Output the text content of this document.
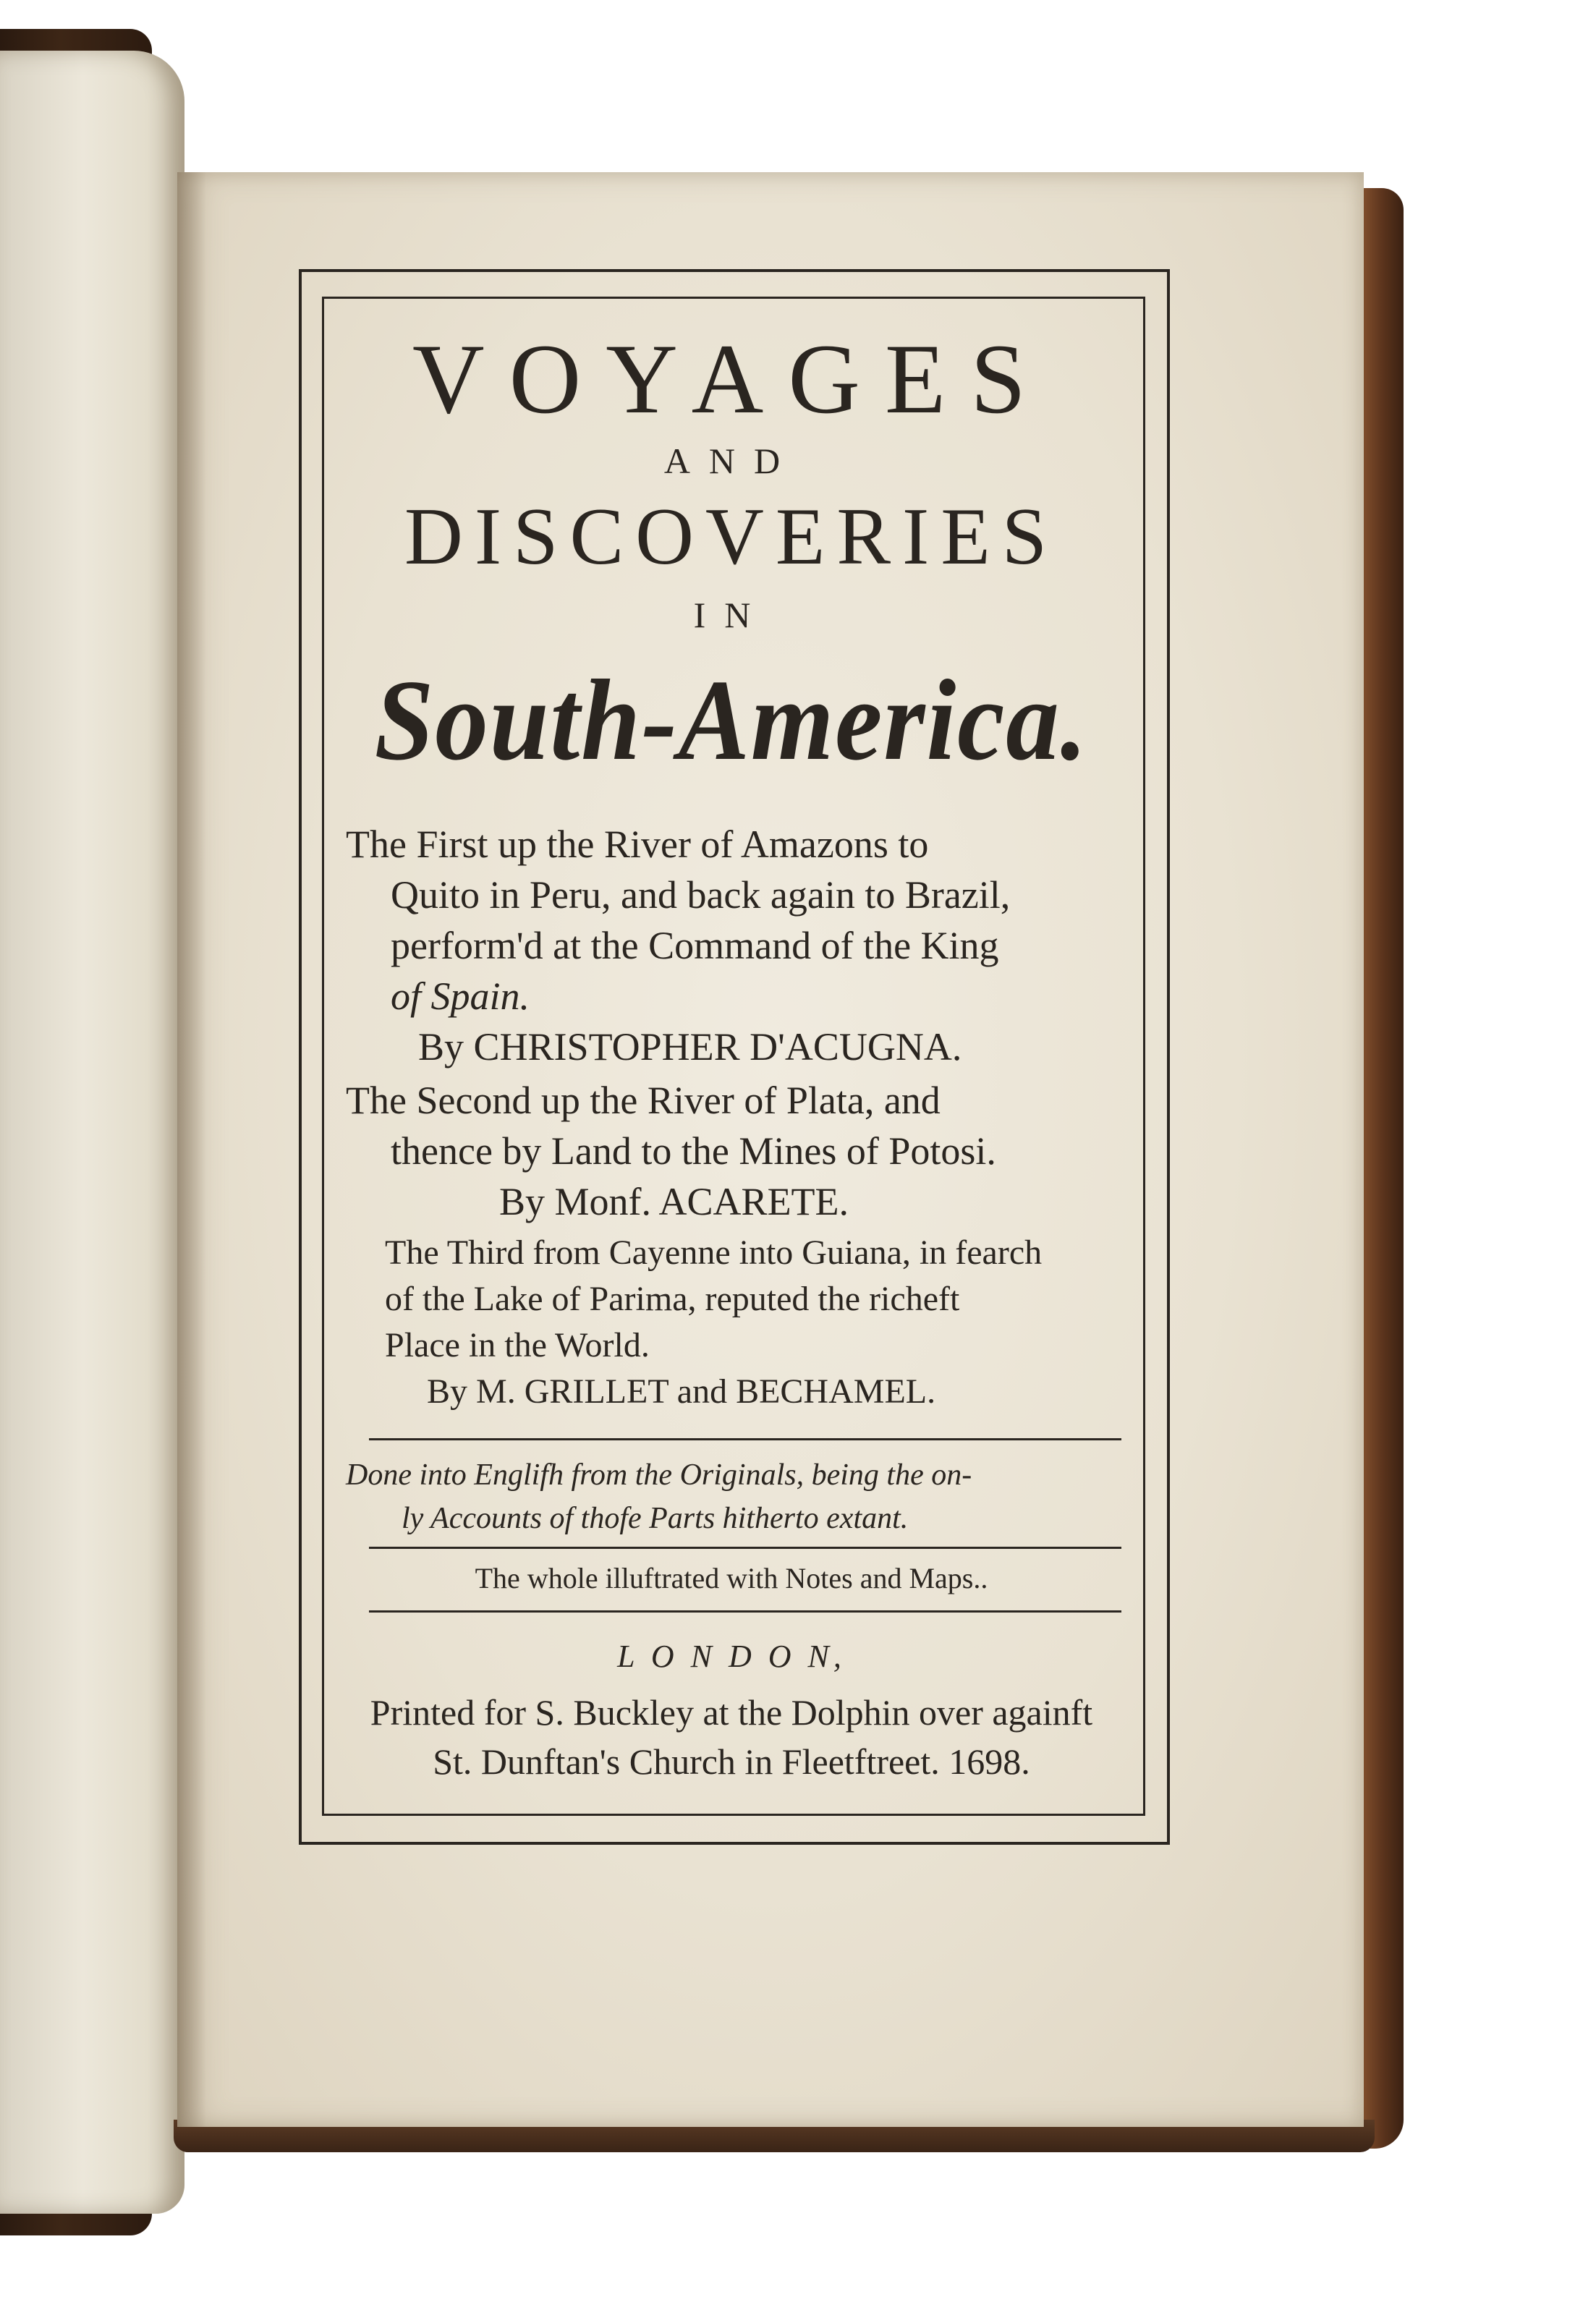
VOYAGES
AND
DISCOVERIES
IN
South-America.
The First up the River of Amazons to
Quito in Peru, and back again to Brazil,
perform'd at the Command of the King
of Spain.
By CHRISTOPHER D'ACUGNA.
The Second up the River of Plata, and
thence by Land to the Mines of Potosi.
By Monf. ACARETE.
The Third from Cayenne into Guiana, in fearch
of the Lake of Parima, reputed the richeft
Place in the World.
By M. GRILLET and BECHAMEL.
Done into Englifh from the Originals, being the on-
ly Accounts of thofe Parts hitherto extant.
The whole illuftrated with Notes and Maps..
L O N D O N,
Printed for S. Buckley at the Dolphin over againft
St. Dunftan's Church in Fleetftreet. 1698.
